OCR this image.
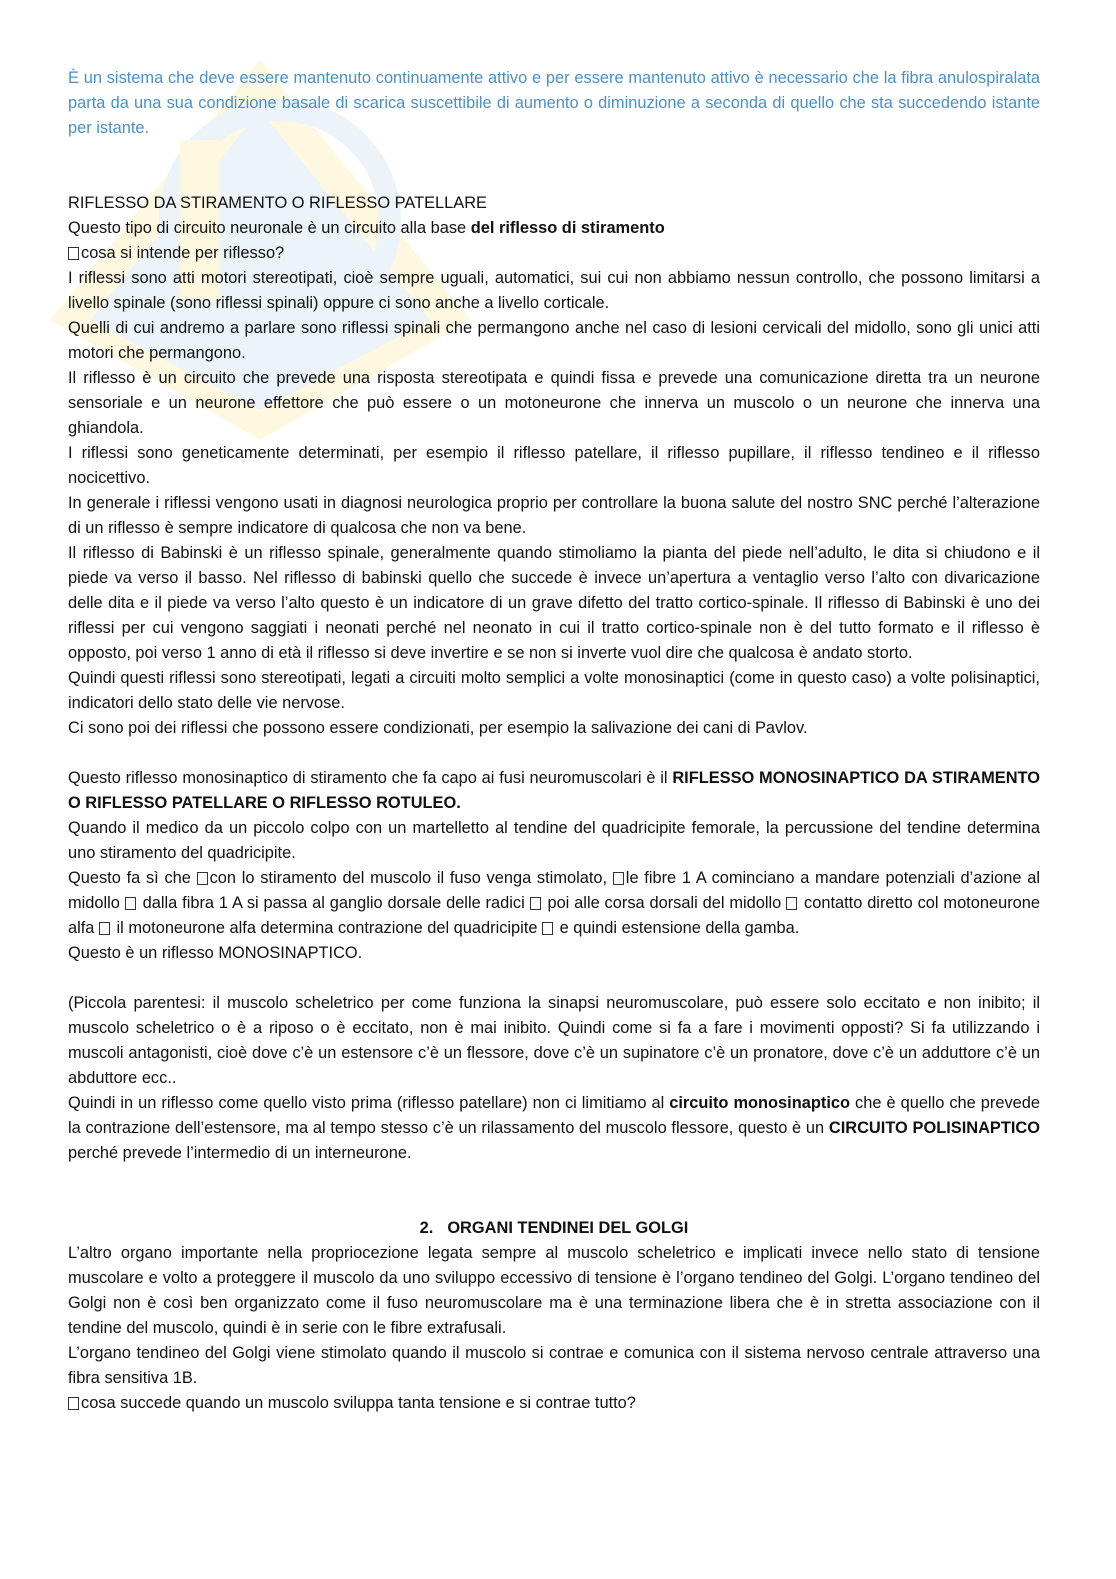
È un sistema che deve essere mantenuto continuamente attivo e per essere mantenuto attivo è necessario che la fibra anulospiralata parta da una sua condizione basale di scarica suscettibile di aumento o diminuzione a seconda di quello che sta succedendo istante per istante.

RIFLESSO DA STIRAMENTO O RIFLESSO PATELLARE

Questo tipo di circuito neuronale è un circuito alla base del riflesso di stiramento

cosa si intende per riflesso?

I riflessi sono atti motori stereotipati, cioè sempre uguali, automatici, sui cui non abbiamo nessun controllo, che possono limitarsi a livello spinale (sono riflessi spinali) oppure ci sono anche a livello corticale.

Quelli di cui andremo a parlare sono riflessi spinali che permangono anche nel caso di lesioni cervicali del midollo, sono gli unici atti motori che permangono.

Il riflesso è un circuito che prevede una risposta stereotipata e quindi fissa e prevede una comunicazione diretta tra un neurone sensoriale e un neurone effettore che può essere o un motoneurone che innerva un muscolo o un neurone che innerva una ghiandola.

I riflessi sono geneticamente determinati, per esempio il riflesso patellare, il riflesso pupillare, il riflesso tendineo e il riflesso nocicettivo.

In generale i riflessi vengono usati in diagnosi neurologica proprio per controllare la buona salute del nostro SNC perché l’alterazione di un riflesso è sempre indicatore di qualcosa che non va bene.

Il riflesso di Babinski è un riflesso spinale, generalmente quando stimoliamo la pianta del piede nell’adulto, le dita si chiudono e il piede va verso il basso. Nel riflesso di babinski quello che succede è invece un’apertura a ventaglio verso l’alto con divaricazione delle dita e il piede va verso l’alto questo è un indicatore di un grave difetto del tratto cortico-spinale. Il riflesso di Babinski è uno dei riflessi per cui vengono saggiati i neonati perché nel neonato in cui il tratto cortico-spinale non è del tutto formato e il riflesso è opposto, poi verso 1 anno di età il riflesso si deve invertire e se non si inverte vuol dire che qualcosa è andato storto.

Quindi questi riflessi sono stereotipati, legati a circuiti molto semplici a volte monosinaptici (come in questo caso) a volte polisinaptici, indicatori dello stato delle vie nervose.

Ci sono poi dei riflessi che possono essere condizionati, per esempio la salivazione dei cani di Pavlov.

Questo riflesso monosinaptico di stiramento che fa capo ai fusi neuromuscolari è il RIFLESSO MONOSINAPTICO DA STIRAMENTO O RIFLESSO PATELLARE O RIFLESSO ROTULEO.

Quando il medico da un piccolo colpo con un martelletto al tendine del quadricipite femorale, la percussione del tendine determina uno stiramento del quadricipite.

Questo fa sì che con lo stiramento del muscolo il fuso venga stimolato, le fibre 1 A cominciano a mandare potenziali d’azione al midollo  dalla fibra 1 A si passa al ganglio dorsale delle radici  poi alle corsa dorsali del midollo  contatto diretto col motoneurone alfa  il motoneurone alfa determina contrazione del quadricipite  e quindi estensione della gamba.

Questo è un riflesso MONOSINAPTICO.

(Piccola parentesi: il muscolo scheletrico per come funziona la sinapsi neuromuscolare, può essere solo eccitato e non inibito; il muscolo scheletrico o è a riposo o è eccitato, non è mai inibito. Quindi come si fa a fare i movimenti opposti? Si fa utilizzando i muscoli antagonisti, cioè dove c’è un estensore c’è un flessore, dove c’è un supinatore c’è un pronatore, dove c’è un adduttore c’è un abduttore ecc..

Quindi in un riflesso come quello visto prima (riflesso patellare) non ci limitiamo al circuito monosinaptico che è quello che prevede la contrazione dell’estensore, ma al tempo stesso c’è un rilassamento del muscolo flessore, questo è un CIRCUITO POLISINAPTICO perché prevede l’intermedio di un interneurone.

2. ORGANI TENDINEI DEL GOLGI

L’altro organo importante nella propriocezione legata sempre al muscolo scheletrico e implicati invece nello stato di tensione muscolare e volto a proteggere il muscolo da uno sviluppo eccessivo di tensione è l’organo tendineo del Golgi. L’organo tendineo del Golgi non è così ben organizzato come il fuso neuromuscolare ma è una terminazione libera che è in stretta associazione con il tendine del muscolo, quindi è in serie con le fibre extrafusali.

L’organo tendineo del Golgi viene stimolato quando il muscolo si contrae e comunica con il sistema nervoso centrale attraverso una fibra sensitiva 1B.

cosa succede quando un muscolo sviluppa tanta tensione e si contrae tutto?
